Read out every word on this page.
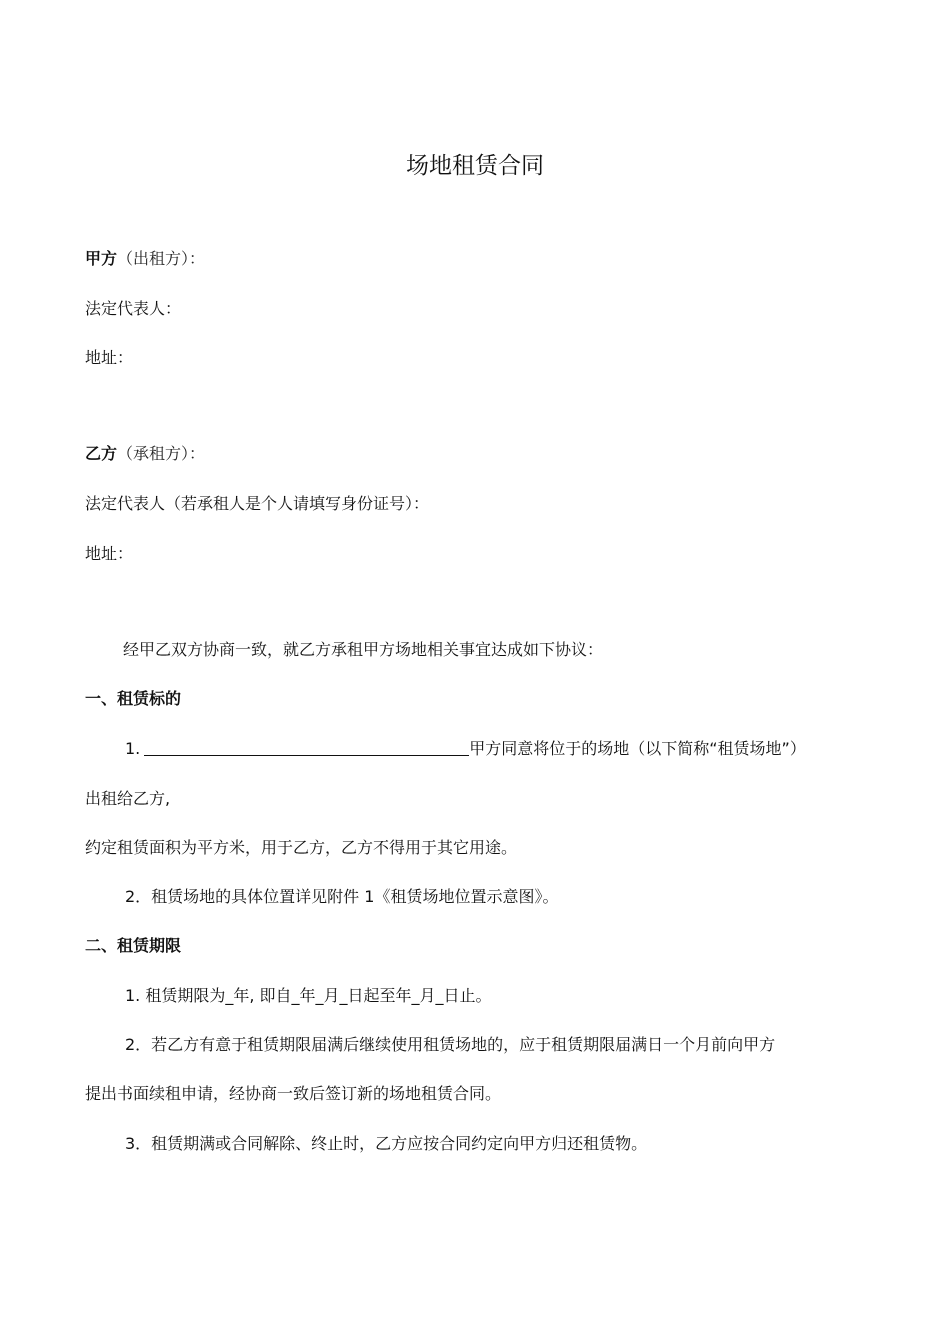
场地租赁合同
甲方（出租方）：
法定代表人：
地址：
乙方（承租方）：
法定代表人（若承租人是个人请填写身份证号）：
地址：
经甲乙双方协商一致，就乙方承租甲方场地相关事宜达成如下协议：
一、租赁标的
1.	甲方同意将位于的场地（以下简称“租赁场地”）
出租给乙方,
约定租赁面积为平方米，用于乙方，乙方不得用于其它用途。
2．租赁场地的具体位置详见附件 1《租赁场地位置示意图》。
二、租赁期限
1. 租赁期限为_年, 即自_年_月_日起至年_月_日止。
2．若乙方有意于租赁期限届满后继续使用租赁场地的，应于租赁期限届满日一个月前向甲方
提出书面续租申请，经协商一致后签订新的场地租赁合同。
3．租赁期满或合同解除、终止时，乙方应按合同约定向甲方归还租赁物。
